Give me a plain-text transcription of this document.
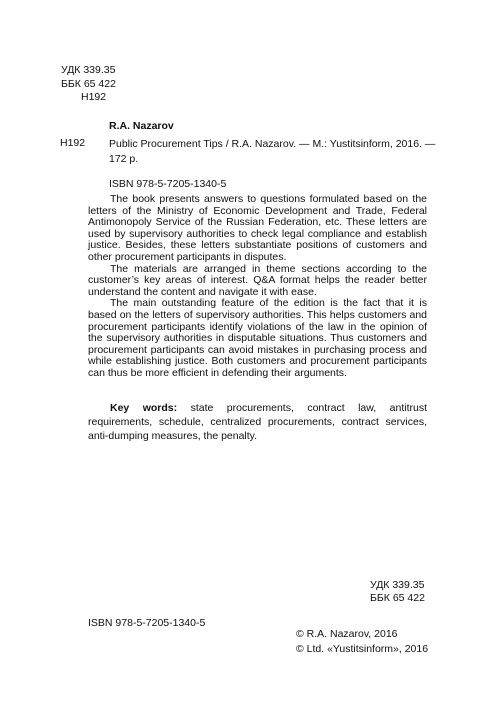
УДК 339.35
ББК 65 422
Н192
R.A. Nazarov
Н192 Public Procurement Tips / R.A. Nazarov. — M.: Yustitsinform, 2016. — 172 p.
ISBN 978-5-7205-1340-5

The book presents answers to questions formulated based on the letters of the Ministry of Economic Development and Trade, Federal Antimonopoly Service of the Russian Federation, etc. These letters are used by supervisory authorities to check legal compliance and establish justice. Besides, these letters substantiate positions of customers and other procurement participants in disputes.

The materials are arranged in theme sections according to the customer’s key areas of interest. Q&A format helps the reader better understand the content and navigate it with ease.

The main outstanding feature of the edition is the fact that it is based on the letters of supervisory authorities. This helps customers and procurement participants identify violations of the law in the opinion of the supervisory authorities in disputable situations. Thus customers and procurement participants can avoid mistakes in purchasing process and while establishing justice. Both customers and procurement participants can thus be more efficient in defending their arguments.

Key words: state procurements, contract law, antitrust requirements, schedule, centralized procurements, contract services, anti-dumping measures, the penalty.

УДК 339.35
ББК 65 422
ISBN 978-5-7205-1340-5
© R.A. Nazarov, 2016
© Ltd. «Yustitsinform», 2016
